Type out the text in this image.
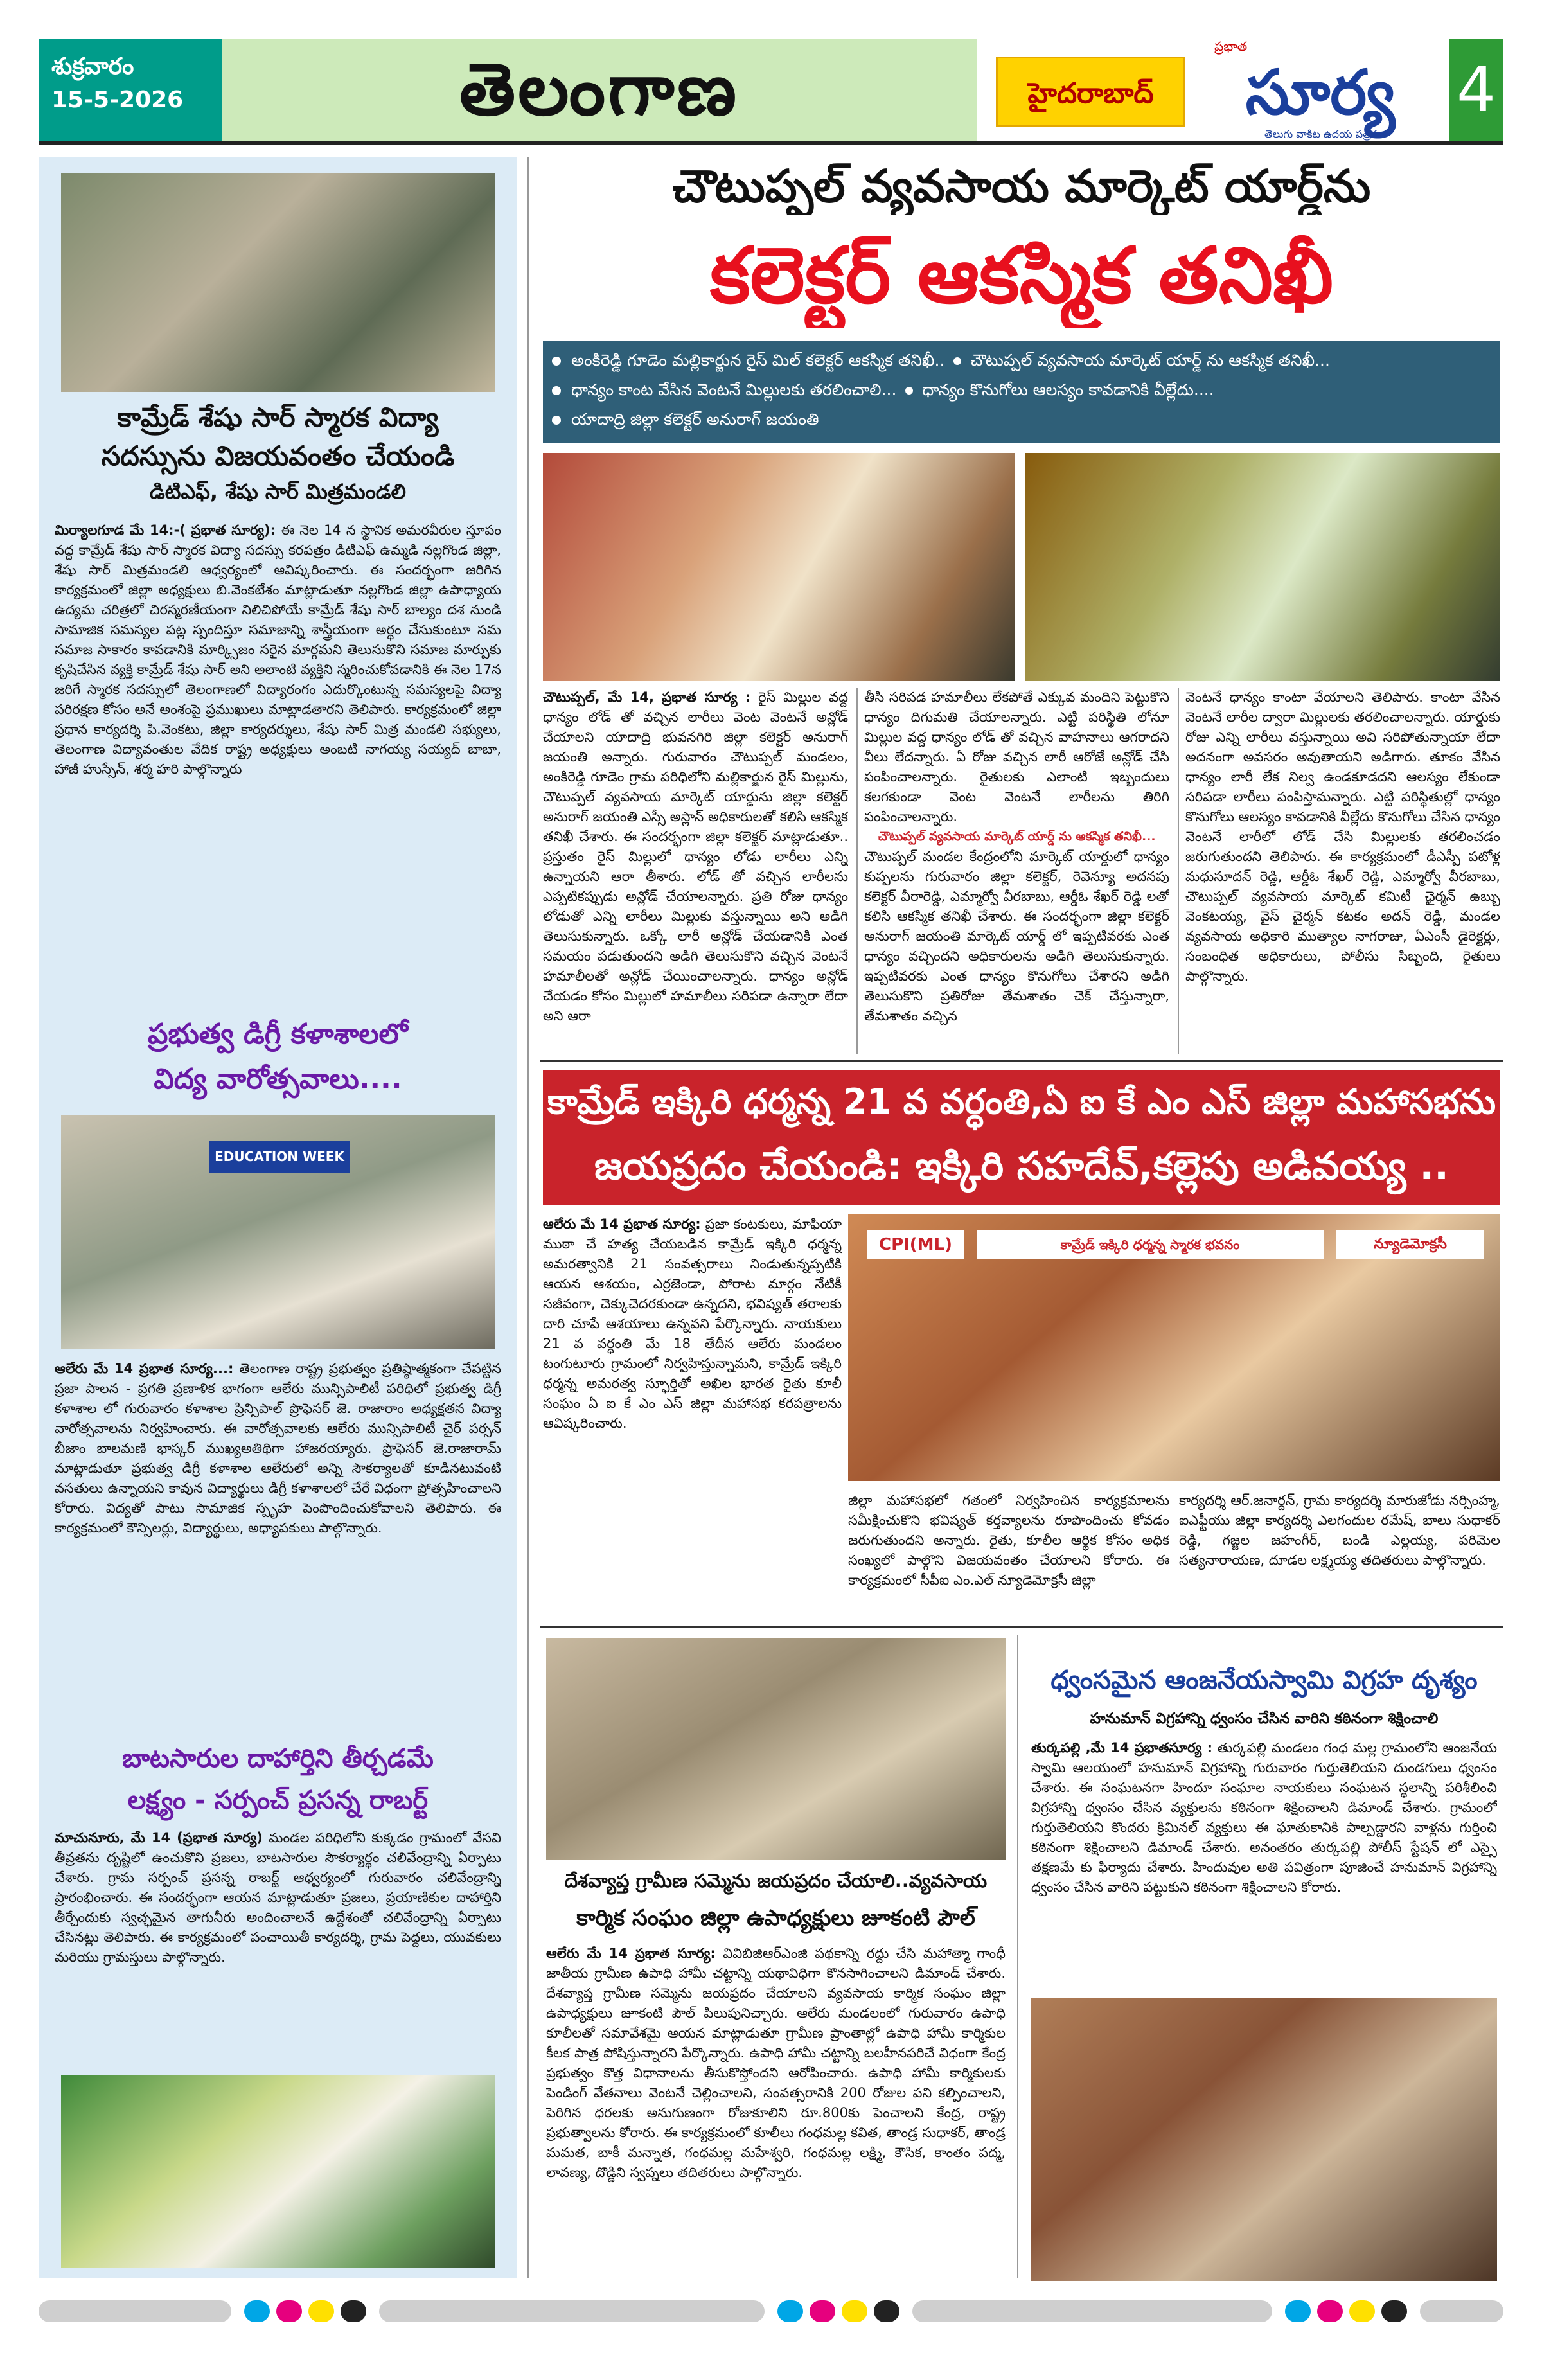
శుక్రవారం
15-5-2026	తెలంగాణ	హైదరాబాద్
ప్రభాత
సూర్య
తెలుగు వాకిట ఉదయ పత్రిక
4
కామ్రేడ్ శేషు సార్ స్మారక విద్యా
సదస్సును విజయవంతం చేయండి
డిటిఎఫ్, శేషు సార్ మిత్రమండలి
మిర్యాలగూడ మే 14:-( ప్రభాత సూర్య): ఈ నెల 14 న స్థానిక అమరవీరుల స్తూపం వద్ద కామ్రేడ్ శేషు సార్ స్మారక విద్యా సదస్సు కరపత్రం డిటిఎఫ్ ఉమ్మడి నల్లగొండ జిల్లా, శేషు సార్ మిత్రమండలి ఆధ్వర్యంలో ఆవిష్కరించారు. ఈ సందర్భంగా జరిగిన కార్యక్రమంలో జిల్లా అధ్యక్షులు బి.వెంకటేశం మాట్లాడుతూ నల్లగొండ జిల్లా ఉపాధ్యాయ ఉద్యమ చరిత్రలో చిరస్మరణీయంగా నిలిచిపోయే కామ్రేడ్ శేషు సార్ బాల్యం దశ నుండి సామాజిక సమస్యల పట్ల స్పందిస్తూ సమాజాన్ని శాస్త్రీయంగా అర్థం చేసుకుంటూ సమ సమాజ సాకారం కావడానికి మార్క్సిజం సరైన మార్గమని తెలుసుకొని సమాజ మార్పుకు కృషిచేసిన వ్యక్తి కామ్రేడ్ శేషు సార్ అని అలాంటి వ్యక్తిని స్మరించుకోవడానికి ఈ నెల 17న జరిగే స్మారక సదస్సులో తెలంగాణలో విద్యారంగం ఎదుర్కొంటున్న సమస్యలపై విద్యా పరిరక్షణ కోసం అనే అంశంపై ప్రముఖులు మాట్లాడతారని తెలిపారు. కార్యక్రమంలో జిల్లా ప్రధాన కార్యదర్శి పి.వెంకటు, జిల్లా కార్యదర్శులు, శేషు సార్ మిత్ర మండలి సభ్యులు, తెలంగాణ విద్యావంతుల వేదిక రాష్ట్ర అధ్యక్షులు అంబటి నాగయ్య సయ్యద్ బాబా, హాజీ హుస్సేన్, శర్మ హరి పాల్గొన్నారు
ప్రభుత్వ డిగ్రీ కళాశాలలో
విద్య వారోత్సవాలు....
EDUCATION WEEK
ఆలేరు మే 14 ప్రభాత సూర్య...: తెలంగాణ రాష్ట్ర ప్రభుత్వం ప్రతిష్ఠాత్మకంగా చేపట్టిన ప్రజా పాలన - ప్రగతి ప్రణాళిక భాగంగా ఆలేరు మున్సిపాలిటీ పరిధిలో ప్రభుత్వ డిగ్రీ కళాశాల లో గురువారం కళాశాల ప్రిన్సిపాల్ ప్రొఫెసర్ జె. రాజారాం అధ్యక్షతన విద్యా వారోత్సవాలను నిర్వహించారు. ఈ వారోత్సవాలకు ఆలేరు మున్సిపాలిటీ చైర్ పర్సన్ బీజాం బాలమణి భాస్కర్ ముఖ్యఅతిథిగా హాజరయ్యారు. ప్రొఫెసర్ జె.రాజారామ్ మాట్లాడుతూ ప్రభుత్వ డిగ్రీ కళాశాల ఆలేరులో అన్ని సౌకర్యాలతో కూడినటువంటి వసతులు ఉన్నాయని కావున విద్యార్థులు డిగ్రీ కళాశాలలో చేరే విధంగా ప్రోత్సహించాలని కోరారు. విద్యతో పాటు సామాజిక స్పృహ పెంపొందించుకోవాలని తెలిపారు. ఈ కార్యక్రమంలో కౌన్సిలర్లు, విద్యార్థులు, అధ్యాపకులు పాల్గొన్నారు.
బాటసారుల దాహార్తిని తీర్చడమే
లక్ష్యం - సర్పంచ్ ప్రసన్న రాబర్ట్
మాచునూరు, మే 14 (ప్రభాత సూర్య) మండల పరిధిలోని కుక్కడం గ్రామంలో వేసవి తీవ్రతను దృష్టిలో ఉంచుకొని ప్రజలు, బాటసారుల సౌకర్యార్థం చలివేంద్రాన్ని ఏర్పాటు చేశారు. గ్రామ సర్పంచ్ ప్రసన్న రాబర్ట్ ఆధ్వర్యంలో గురువారం చలివేంద్రాన్ని ప్రారంభించారు. ఈ సందర్భంగా ఆయన మాట్లాడుతూ ప్రజలు, ప్రయాణికుల దాహార్తిని తీర్చేందుకు స్వచ్ఛమైన తాగునీరు అందించాలనే ఉద్దేశంతో చలివేంద్రాన్ని ఏర్పాటు చేసినట్లు తెలిపారు. ఈ కార్యక్రమంలో పంచాయితీ కార్యదర్శి, గ్రామ పెద్దలు, యువకులు మరియు గ్రామస్తులు పాల్గొన్నారు.
చౌటుప్పల్ వ్యవసాయ మార్కెట్ యార్డ్‌ను
కలెక్టర్ ఆకస్మిక తనిఖీ
అంకిరెడ్డి గూడెం మల్లికార్జున రైస్ మిల్ కలెక్టర్ ఆకస్మిక తనిఖీ.. చౌటుప్పల్ వ్యవసాయ మార్కెట్ యార్డ్ ను ఆకస్మిక తనిఖీ...
ధాన్యం కాంట వేసిన వెంటనే మిల్లులకు తరలించాలి... ధాన్యం కొనుగోలు ఆలస్యం కావడానికి వీల్లేదు....
యాదాద్రి జిల్లా కలెక్టర్ అనురాగ్ జయంతి
చౌటుప్పల్, మే 14, ప్రభాత సూర్య : రైస్ మిల్లుల వద్ద ధాన్యం లోడ్ తో వచ్చిన లారీలు వెంట వెంటనే అన్లోడ్ చేయాలని యాదాద్రి భువనగిరి జిల్లా కలెక్టర్ అనురాగ్ జయంతి అన్నారు. గురువారం చౌటుప్పల్ మండలం, అంకిరెడ్డి గూడెం గ్రామ పరిధిలోని మల్లికార్జున రైస్ మిల్లును, చౌటుప్పల్ వ్యవసాయ మార్కెట్ యార్డును జిల్లా కలెక్టర్ అనురాగ్ జయంతి ఎస్సీ అస్లాన్ అధికారులతో కలిసి ఆకస్మిక తనిఖీ చేశారు. ఈ సందర్భంగా జిల్లా కలెక్టర్ మాట్లాడుతూ.. ప్రస్తుతం రైస్ మిల్లులో ధాన్యం లోడు లారీలు ఎన్ని ఉన్నాయని ఆరా తీశారు. లోడ్ తో వచ్చిన లారీలను ఎప్పటికప్పుడు అన్లోడ్ చేయాలన్నారు. ప్రతి రోజు ధాన్యం లోడుతో ఎన్ని లారీలు మిల్లుకు వస్తున్నాయి అని అడిగి తెలుసుకున్నారు. ఒక్కో లారీ అన్లోడ్ చేయడానికి ఎంత సమయం పడుతుందని అడిగి తెలుసుకొని వచ్చిన వెంటనే హమాలీలతో అన్లోడ్ చేయించాలన్నారు. ధాన్యం అన్లోడ్ చేయడం కోసం మిల్లులో హమాలీలు సరిపడా ఉన్నారా లేదా అని ఆరా
తీసి సరిపడ హమాలీలు లేకపోతే ఎక్కువ మందిని పెట్టుకొని ధాన్యం దిగుమతి చేయాలన్నారు. ఎట్టి పరిస్థితి లోనూ మిల్లుల వద్ద ధాన్యం లోడ్ తో వచ్చిన వాహనాలు ఆగరాదని వీలు లేదన్నారు. ఏ రోజు వచ్చిన లారీ ఆరోజే అన్లోడ్ చేసి పంపించాలన్నారు. రైతులకు ఎలాంటి ఇబ్బందులు కలగకుండా వెంట వెంటనే లారీలను తిరిగి పంపించాలన్నారు.
చౌటుప్పల్ వ్యవసాయ మార్కెట్ యార్డ్ ను ఆకస్మిక తనిఖీ...
చౌటుప్పల్ మండల కేంద్రంలోని మార్కెట్ యార్డులో ధాన్యం కుప్పలను గురువారం జిల్లా కలెక్టర్, రెవెన్యూ అదనపు కలెక్టర్ వీరారెడ్డి, ఎమ్మార్వో వీరబాబు, ఆర్డీఓ శేఖర్ రెడ్డి లతో కలిసి ఆకస్మిక తనిఖీ చేశారు. ఈ సందర్భంగా జిల్లా కలెక్టర్ అనురాగ్ జయంతి మార్కెట్ యార్డ్ లో ఇప్పటివరకు ఎంత ధాన్యం వచ్చిందని అధికారులను అడిగి తెలుసుకున్నారు. ఇప్పటివరకు ఎంత ధాన్యం కొనుగోలు చేశారని అడిగి తెలుసుకొని ప్రతిరోజు తేమశాతం చెక్ చేస్తున్నారా, తేమశాతం వచ్చిన
వెంటనే ధాన్యం కాంటా వేయాలని తెలిపారు. కాంటా వేసిన వెంటనే లారీల ద్వారా మిల్లులకు తరలించాలన్నారు. యార్డుకు రోజు ఎన్ని లారీలు వస్తున్నాయి అవి సరిపోతున్నాయా లేదా అదనంగా అవసరం అవుతాయని అడిగారు. తూకం వేసిన ధాన్యం లారీ లేక నిల్వ ఉండకూడదని ఆలస్యం లేకుండా సరిపడా లారీలు పంపిస్తామన్నారు. ఎట్టి పరిస్థితుల్లో ధాన్యం కొనుగోలు ఆలస్యం కావడానికి వీల్లేదు కొనుగోలు చేసిన ధాన్యం వెంటనే లారీలో లోడ్ చేసి మిల్లులకు తరలించడం జరుగుతుందని తెలిపారు. ఈ కార్యక్రమంలో డీఎస్పీ పటోళ్ల మధుసూదన్ రెడ్డి, ఆర్డీఓ శేఖర్ రెడ్డి, ఎమ్మార్వో వీరబాబు, చౌటుప్పల్ వ్యవసాయ మార్కెట్ కమిటీ ఛైర్మన్ ఉబ్బు వెంకటయ్య, వైస్ చైర్మన్ కటకం అదన్ రెడ్డి, మండల వ్యవసాయ అధికారి ముత్యాల నాగరాజు, ఏఎంసీ డైరెక్టర్లు, సంబంధిత అధికారులు, పోలీసు సిబ్బంది, రైతులు పాల్గొన్నారు.
కామ్రేడ్ ఇక్కిరి ధర్మన్న 21 వ వర్ధంతి,ఏ ఐ కే ఎం ఎస్ జిల్లా మహాసభను
జయప్రదం చేయండి: ఇక్కిరి సహదేవ్,కల్లెపు అడివయ్య ..
ఆలేరు మే 14 ప్రభాత సూర్య: ప్రజా కంటకులు, మాఫియా ముఠా చే హత్య చేయబడిన కామ్రేడ్ ఇక్కిరి ధర్మన్న అమరత్వానికి 21 సంవత్సరాలు నిండుతున్నప్పటికి ఆయన ఆశయం, ఎర్రజెండా, పోరాట మార్గం నేటికీ సజీవంగా, చెక్కుచెదరకుండా ఉన్నదని, భవిష్యత్ తరాలకు దారి చూపే ఆశయాలు ఉన్నవని పేర్కొన్నారు. నాయకులు 21 వ వర్ధంతి మే 18 తేదీన ఆలేరు మండలం టంగుటూరు గ్రామంలో నిర్వహిస్తున్నామని, కామ్రేడ్ ఇక్కిరి ధర్మన్న అమరత్వ స్ఫూర్తితో అఖిల భారత రైతు కూలీ సంఘం ఏ ఐ కే ఎం ఎస్ జిల్లా మహాసభ కరపత్రాలను ఆవిష్కరించారు.
CPI(ML)	కామ్రేడ్ ఇక్కిరి ధర్మన్న స్మారక భవనం	న్యూడెమోక్రసీ
జిల్లా మహాసభలో గతంలో నిర్వహించిన కార్యక్రమాలను సమీక్షించుకొని భవిష్యత్ కర్తవ్యాలను రూపొందించు కోవడం జరుగుతుందని అన్నారు. రైతు, కూలీల ఆర్థిక కోసం అధిక సంఖ్యలో పాల్గొని విజయవంతం చేయాలని కోరారు. ఈ కార్యక్రమంలో సీపీఐ ఎం.ఎల్ న్యూడెమోక్రసీ జిల్లా
కార్యదర్శి ఆర్.జనార్దన్, గ్రామ కార్యదర్శి మారుజోడు నర్సింహ్మ, ఐఎఫ్టీయు జిల్లా కార్యదర్శి ఎలగందుల రమేష్, బాలు సుధాకర్ రెడ్డి, గజ్జల జహంగీర్, బండి ఎల్లయ్య, పరిమెల సత్యనారాయణ, దూడల లక్ష్మయ్య తదితరులు పాల్గొన్నారు.
దేశవ్యాప్త గ్రామీణ సమ్మెను జయప్రదం చేయాలి..వ్యవసాయ
కార్మిక సంఘం జిల్లా ఉపాధ్యక్షులు జూకంటి పౌల్
ఆలేరు మే 14 ప్రభాత సూర్య: వివిబిజిఆర్ఎంజి పథకాన్ని రద్దు చేసి మహాత్మా గాంధీ జాతీయ గ్రామీణ ఉపాధి హామీ చట్టాన్ని యథావిధిగా కొనసాగించాలని డిమాండ్ చేశారు. దేశవ్యాప్త గ్రామీణ సమ్మెను జయప్రదం చేయాలని వ్యవసాయ కార్మిక సంఘం జిల్లా ఉపాధ్యక్షులు జూకంటి పౌల్ పిలుపునిచ్చారు. ఆలేరు మండలంలో గురువారం ఉపాధి కూలీలతో సమావేశమై ఆయన మాట్లాడుతూ గ్రామీణ ప్రాంతాల్లో ఉపాధి హామీ కార్మికుల కీలక పాత్ర పోషిస్తున్నారని పేర్కొన్నారు. ఉపాధి హామీ చట్టాన్ని బలహీనపరిచే విధంగా కేంద్ర ప్రభుత్వం కొత్త విధానాలను తీసుకొస్తోందని ఆరోపించారు. ఉపాధి హామీ కార్మికులకు పెండింగ్ వేతనాలు వెంటనే చెల్లించాలని, సంవత్సరానికి 200 రోజుల పని కల్పించాలని, పెరిగిన ధరలకు అనుగుణంగా రోజుకూలిని రూ.800కు పెంచాలని కేంద్ర, రాష్ట్ర ప్రభుత్వాలను కోరారు. ఈ కార్యక్రమంలో కూలీలు గంధమల్ల కవిత, తాండ్ర సుధాకర్, తాండ్ర మమత, బాకీ మన్నాత, గంధమల్ల మహేశ్వరి, గంధమల్ల లక్ష్మి, కౌసిక, కాంతం పద్మ, లావణ్య, దొడ్డిని స్వప్నలు తదితరులు పాల్గొన్నారు.
ధ్వంసమైన ఆంజనేయస్వామి విగ్రహ దృశ్యం
హనుమాన్ విగ్రహాన్ని ధ్వంసం చేసిన వారిని కఠినంగా శిక్షించాలి
తుర్కపల్లి ,మే 14 ప్రభాతసూర్య : తుర్కపల్లి మండలం గంధ మల్ల గ్రామంలోని ఆంజనేయ స్వామి ఆలయంలో హనుమాన్ విగ్రహాన్ని గురువారం గుర్తుతెలియని దుండగులు ధ్వంసం చేశారు. ఈ సంఘటనగా హిందూ సంఘాల నాయకులు సంఘటన స్థలాన్ని పరిశీలించి విగ్రహాన్ని ధ్వంసం చేసిన వ్యక్తులను కఠినంగా శిక్షించాలని డిమాండ్ చేశారు. గ్రామంలో గుర్తుతెలియని కొందరు క్రిమినల్ వ్యక్తులు ఈ ఘాతుకానికి పాల్పడ్డారని వాళ్లను గుర్తించి కఠినంగా శిక్షించాలని డిమాండ్ చేశారు. అనంతరం తుర్కపల్లి పోలీస్ స్టేషన్ లో ఎస్సై తక్షణమే కు ఫిర్యాదు చేశారు. హిందువుల అతి పవిత్రంగా పూజించే హనుమాన్ విగ్రహాన్ని ధ్వంసం చేసిన వారిని పట్టుకుని కఠినంగా శిక్షించాలని కోరారు.
